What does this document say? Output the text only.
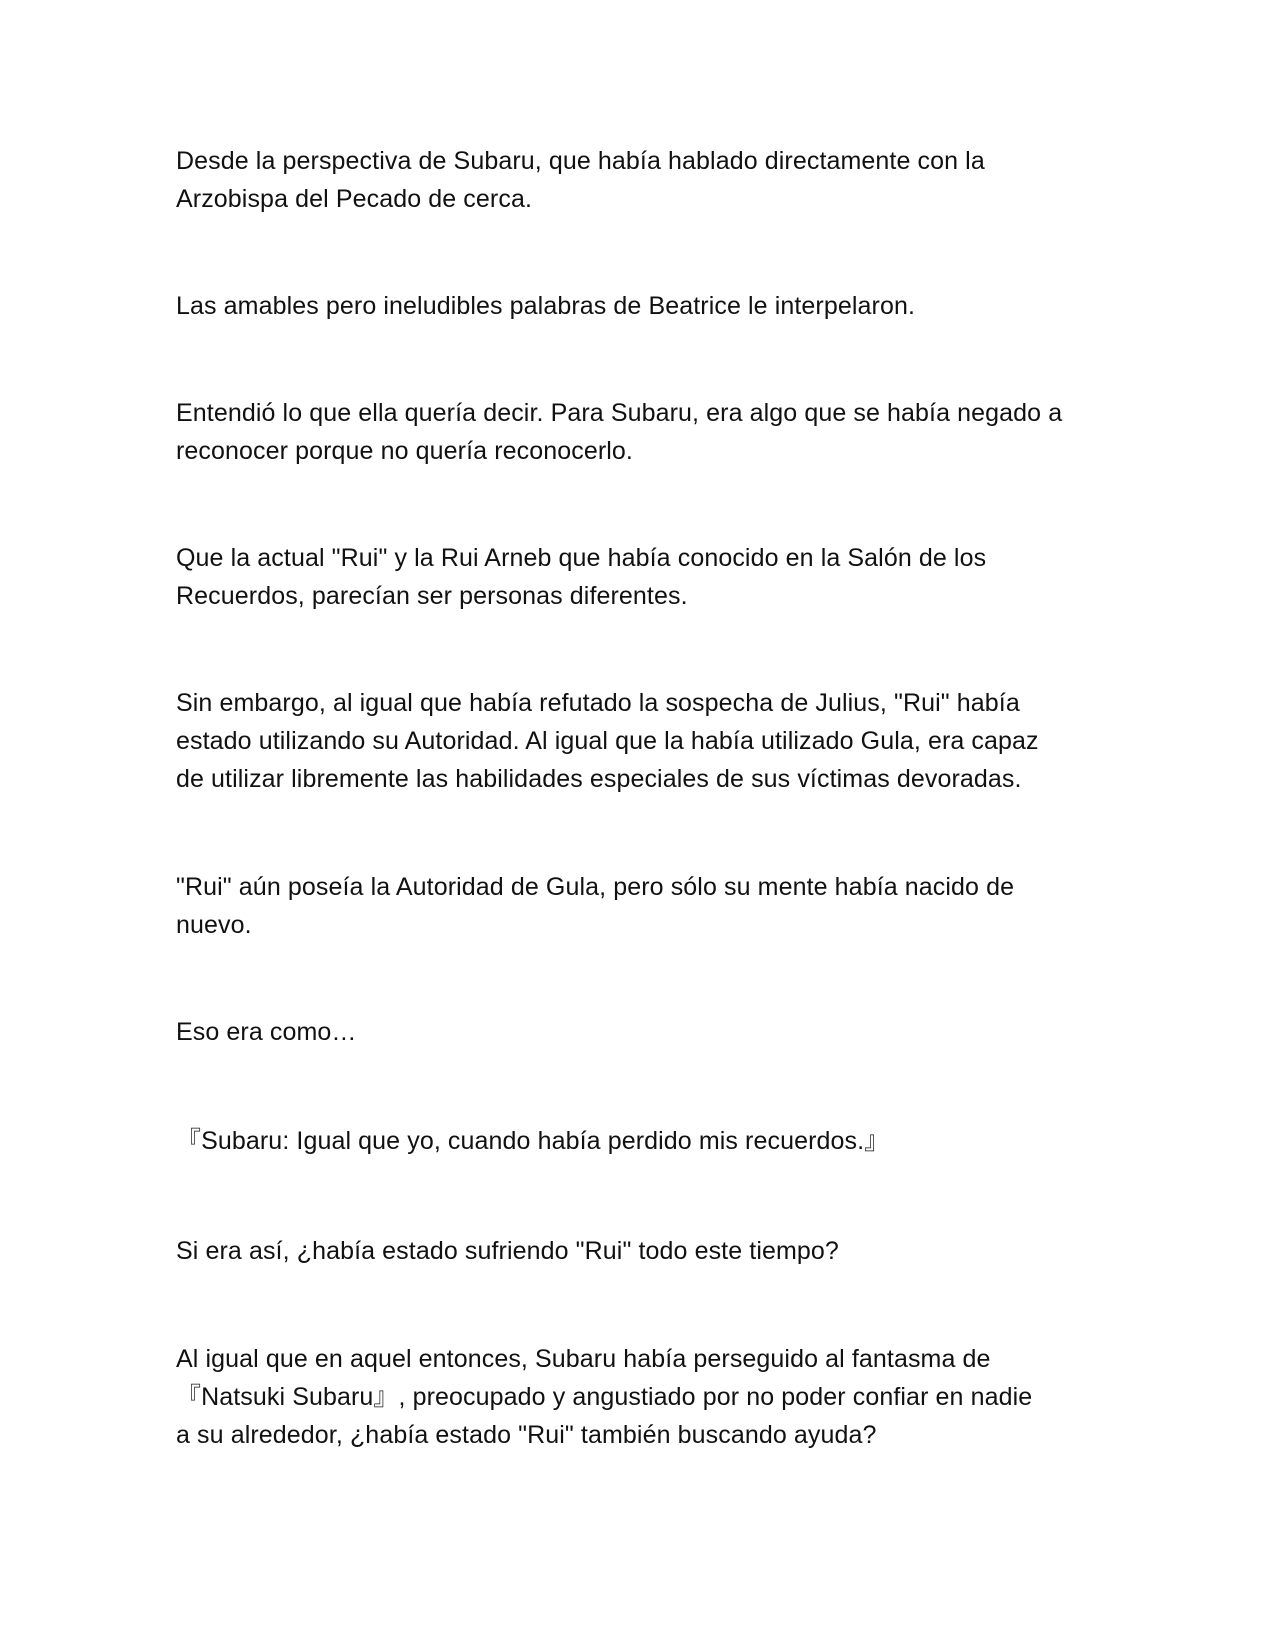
Desde la perspectiva de Subaru, que había hablado directamente con la
Arzobispa del Pecado de cerca.

Las amables pero ineludibles palabras de Beatrice le interpelaron.

Entendió lo que ella quería decir. Para Subaru, era algo que se había negado a
reconocer porque no quería reconocerlo.

Que la actual "Rui" y la Rui Arneb que había conocido en la Salón de los
Recuerdos, parecían ser personas diferentes.

Sin embargo, al igual que había refutado la sospecha de Julius, "Rui" había
estado utilizando su Autoridad. Al igual que la había utilizado Gula, era capaz
de utilizar libremente las habilidades especiales de sus víctimas devoradas.

"Rui" aún poseía la Autoridad de Gula, pero sólo su mente había nacido de
nuevo.

Eso era como…

『Subaru: Igual que yo, cuando había perdido mis recuerdos.』

Si era así, ¿había estado sufriendo "Rui" todo este tiempo?

Al igual que en aquel entonces, Subaru había perseguido al fantasma de
『Natsuki Subaru』, preocupado y angustiado por no poder confiar en nadie
a su alrededor, ¿había estado "Rui" también buscando ayuda?
